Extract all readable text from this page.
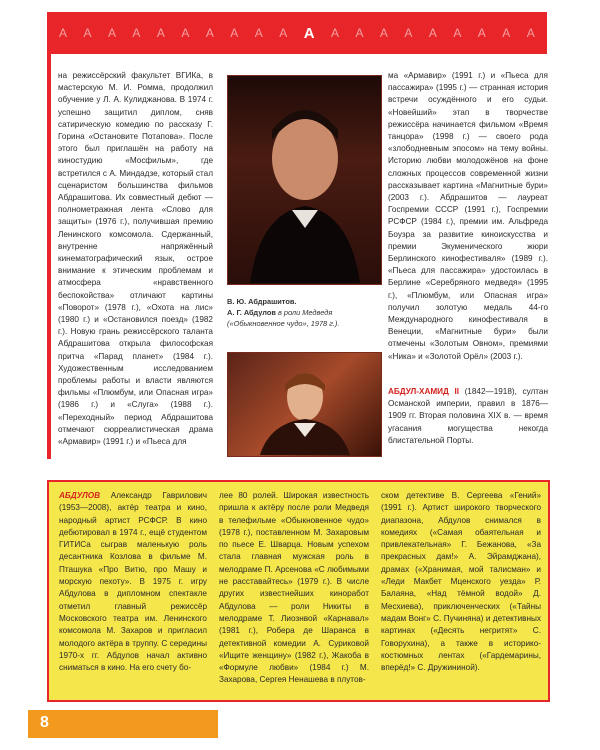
А А А А А А А А А А А А А А А А А А А А
на режиссёрский факультет ВГИКа, в мастерскую М. И. Ромма, продолжил обучение у Л. А. Кулиджанова. В 1974 г. успешно защитил диплом, сняв сатирическую комедию по рассказу Г. Горина «Остановите Потапова». После этого был приглашён на работу на киностудию «Мосфильм», где встретился с А. Миндадзе, который стал сценаристом большинства фильмов Абдрашитова. Их совместный дебют — полнометражная лента «Слово для защиты» (1976 г.), получившая премию Ленинского комсомола. Сдержанный, внутренне напряжённый кинематографический язык, острое внимание к этическим проблемам и атмосфера «нравственного беспокойства» отличают картины «Поворот» (1978 г.), «Охота на лис» (1980 г.) и «Остановился поезд» (1982 г.). Новую грань режиссёрского таланта Абдрашитова открыла философская притча «Парад планет» (1984 г.). Художественным исследованием проблемы работы и власти являются фильмы «Плюмбум, или Опасная игра» (1986 г.) и «Слуга» (1988 г.). «Переходный» период Абдрашитова отмечают сюрреалистическая драма «Армавир» (1991 г.) и «Пьеса для
В. Ю. Абдрашитов.
А. Г. Абдулов в роли Медведя («Обыкновенное чудо», 1978 г.).
ма «Армавир» (1991 г.) и «Пьеса для пассажира» (1995 г.) — странная история встречи осуждённого и его судьи. «Новейший» этап в творчестве режиссёра начинается фильмом «Время танцора» (1998 г.) — своего рода «злободневным эпосом» на тему войны. Историю любви молодожёнов на фоне сложных процессов современной жизни рассказывает картина «Магнитные бури» (2003 г.). Абдрашитов — лауреат Госпремии СССР (1991 г.), Госпремии РСФСР (1984 г.), премии им. Альфреда Боузра за развитие киноискусства и премии Экуменического жюри Берлинского кинофестиваля» (1989 г.). «Пьеса для пассажира» удостоилась в Берлине «Серебряного медведя» (1995 г.), «Плюмбум, или Опасная игра» получил золотую медаль 44-го Международного кинофестиваля в Венеции, «Магнитные бури» были отмечены «Золотым Овном», премиями «Ника» и «Золотой Орёл» (2003 г.).
АБДУЛ-ХАМИД II (1842—1918), султан Османской империи, правил в 1876—1909 гг. Вторая половина XIX в. — время угасания могущества некогда блистательной Порты.
АБДУЛОВ Александр Гаврилович (1953—2008), актёр театра и кино, народный артист РСФСР. В кино дебютировал в 1974 г., ещё студентом ГИТИСа сыграв маленькую роль десантника Козлова в фильме М. Пташука «Про Витю, про Машу и морскую пехоту». В 1975 г. игру Абдулова в дипломном спектакле отметил главный режиссёр Московского театра им. Ленинского комсомола М. Захаров и пригласил молодого актёра в труппу. С середины 1970-х гг. Абдулов начал активно сниматься в кино. На его счету бо-
лее 80 ролей. Широкая известность пришла к актёру после роли Медведя в телефильме «Обыкновенное чудо» (1978 г.), поставленном М. Захаровым по пьесе Е. Шварца. Новым успехом стала главная мужская роль в мелодраме П. Арсенова «С любимыми не расставайтесь» (1979 г.). В числе других известнейших киноработ Абдулова — роли Никиты в мелодраме Т. Лиознвой «Карнавал» (1981 г.), Робера де Шаранса в детективной комедии А. Суриковой «Ищите женщину» (1982 г.), Жакоба в «Формуле любви» (1984 г.) М. Захарова, Сергея Ненашева в плутов-
ском детективе В. Сергеева «Гений» (1991 г.). Артист широкого творческого диапазона, Абдулов снимался в комедиях («Самая обаятельная и привлекательная» Г. Бежанова, «За прекрасных дам!» А. Эйрамджана), драмах («Хранимая, мой талисман» и «Леди Макбет Мценского уезда» Р. Балаяна, «Над тёмной водой» Д. Месхиева), приключенческих («Тайны мадам Вонг» С. Пучиняна) и детективных картинах («Десять негритят» С. Говорухина), а также в историко-костюмных лентах («Гардемарины, вперёд!» С. Дружининой).
8
